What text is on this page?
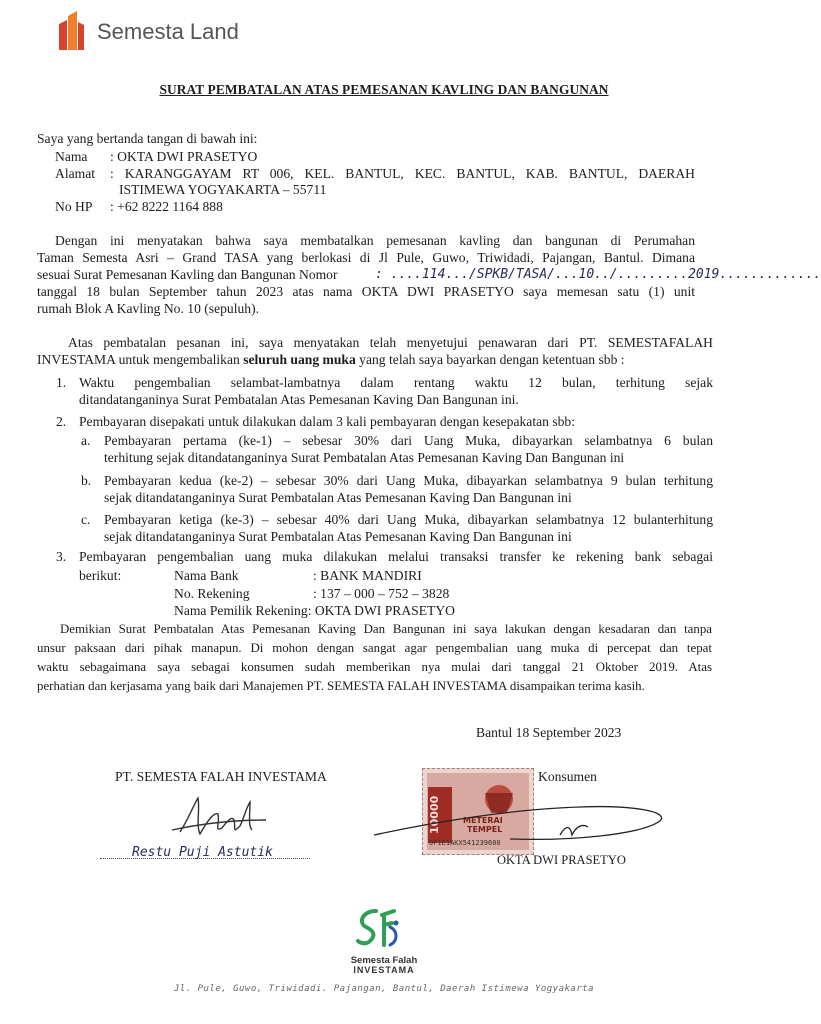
Semesta Land
SURAT PEMBATALAN ATAS PEMESANAN KAVLING DAN BANGUNAN
Saya yang bertanda tangan di bawah ini:
Nama : OKTA DWI PRASETYO
Alamat : KARANGGAYAM RT 006, KEL. BANTUL, KEC. BANTUL, KAB. BANTUL, DAERAH
ISTIMEWA YOGYAKARTA – 55711
No HP : +62 8222 1164 888
Dengan ini menyatakan bahwa saya membatalkan pemesanan kavling dan bangunan di Perumahan
Taman Semesta Asri – Grand TASA yang berlokasi di Jl Pule, Guwo, Triwidadi, Pajangan, Bantul. Dimana
sesuai Surat Pemesanan Kavling dan Bangunan Nomor	: ....114.../SPKB/TASA/...10../.........2019.............
tanggal 18 bulan September tahun 2023 atas nama OKTA DWI PRASETYO saya memesan satu (1) unit
rumah Blok A Kavling No. 10 (sepuluh).
Atas pembatalan pesanan ini, saya menyatakan telah menyetujui penawaran dari PT. SEMESTAFALAH
INVESTAMA untuk mengembalikan seluruh uang muka yang telah saya bayarkan dengan ketentuan sbb :
1. Waktu pengembalian selambat-lambatnya dalam rentang waktu 12 bulan, terhitung sejak
ditandatanganinya Surat Pembatalan Atas Pemesanan Kaving Dan Bangunan ini.
2. Pembayaran disepakati untuk dilakukan dalam 3 kali pembayaran dengan kesepakatan sbb:
a. Pembayaran pertama (ke-1) – sebesar 30% dari Uang Muka, dibayarkan selambatnya 6 bulan
terhitung sejak ditandatanganinya Surat Pembatalan Atas Pemesanan Kaving Dan Bangunan ini
b. Pembayaran kedua (ke-2) – sebesar 30% dari Uang Muka, dibayarkan selambatnya 9 bulan terhitung
sejak ditandatanganinya Surat Pembatalan Atas Pemesanan Kaving Dan Bangunan ini
c. Pembayaran ketiga (ke-3) – sebesar 40% dari Uang Muka, dibayarkan selambatnya 12 bulanterhitung
sejak ditandatanganinya Surat Pembatalan Atas Pemesanan Kaving Dan Bangunan ini
3. Pembayaran pengembalian uang muka dilakukan melalui transaksi transfer ke rekening bank sebagai
berikut:	Nama Bank	: BANK MANDIRI
No. Rekening	: 137 – 000 – 752 – 3828
Nama Pemilik Rekening: OKTA DWI PRASETYO
Demikian Surat Pembatalan Atas Pemesanan Kaving Dan Bangunan ini saya lakukan dengan kesadaran dan tanpa
unsur paksaan dari pihak manapun. Di mohon dengan sangat agar pengembalian uang muka di percepat dan tepat
waktu sebagaimana saya sebagai konsumen sudah memberikan nya mulai dari tanggal 21 Oktober 2019. Atas
perhatian dan kerjasama yang baik dari Manajemen PT. SEMESTA FALAH INVESTAMA disampaikan terima kasih.
Bantul 18 September 2023
PT. SEMESTA FALAH INVESTAMA
Restu Puji Astutik
10000	METERAI
TEMPEL
0F1E1AKX541239600
Konsumen
OKTA DWI PRASETYO
Semesta Falah
INVESTAMA
Jl. Pule, Guwo, Triwidadi. Pajangan, Bantul, Daerah Istimewa Yogyakarta
